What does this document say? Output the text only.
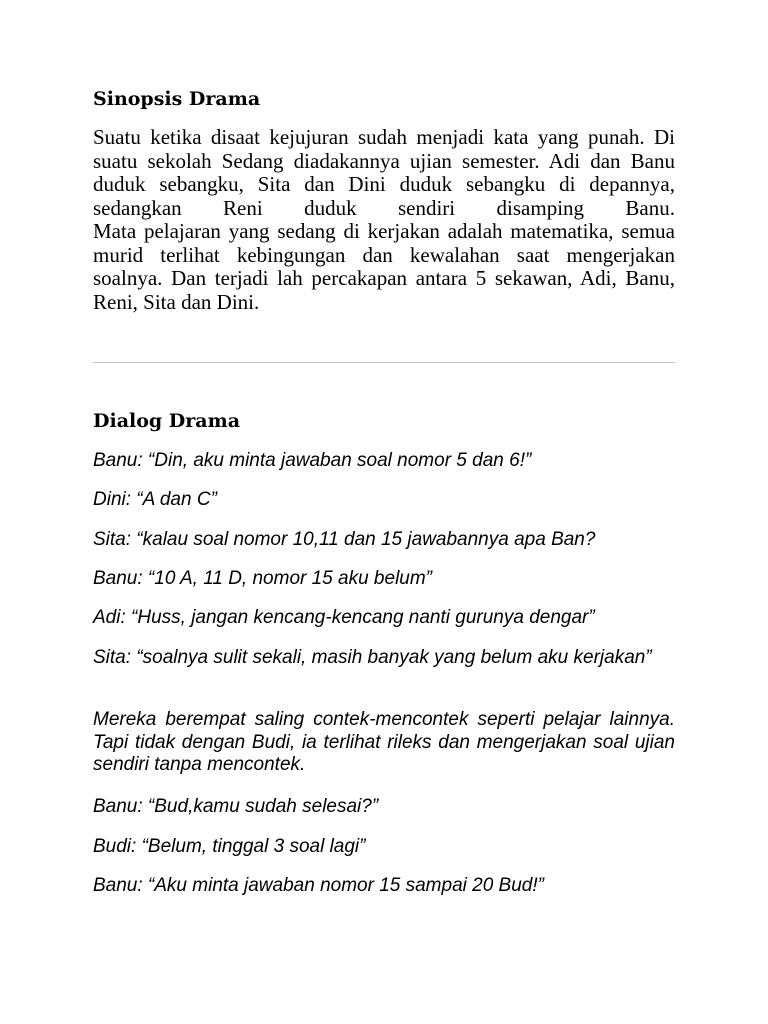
Sinopsis Drama

Suatu ketika disaat kejujuran sudah menjadi kata yang punah. Di suatu sekolah Sedang diadakannya ujian semester. Adi dan Banu duduk sebangku, Sita dan Dini duduk sebangku di depannya, sedangkan Reni duduk sendiri disamping Banu.

Mata pelajaran yang sedang di kerjakan adalah matematika, semua murid terlihat kebingungan dan kewalahan saat mengerjakan soalnya. Dan terjadi lah percakapan antara 5 sekawan, Adi, Banu, Reni, Sita dan Dini.

Dialog Drama

Banu: “Din, aku minta jawaban soal nomor 5 dan 6!”

Dini: “A dan C”

Sita: “kalau soal nomor 10,11 dan 15 jawabannya apa Ban?

Banu: “10 A, 11 D, nomor 15 aku belum”

Adi: “Huss, jangan kencang-kencang nanti gurunya dengar”

Sita: “soalnya sulit sekali, masih banyak yang belum aku kerjakan”

Mereka berempat saling contek-mencontek seperti pelajar lainnya. Tapi tidak dengan Budi, ia terlihat rileks dan mengerjakan soal ujian sendiri tanpa mencontek.

Banu: “Bud,kamu sudah selesai?”

Budi: “Belum, tinggal 3 soal lagi”

Banu: “Aku minta jawaban nomor 15 sampai 20 Bud!”
